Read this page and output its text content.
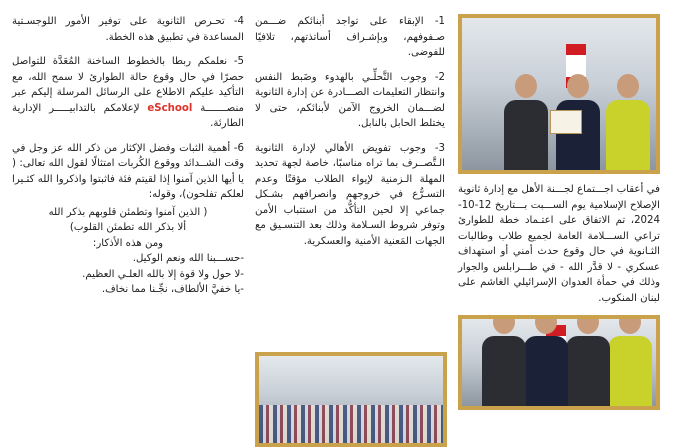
في أعقاب اجـــتماع لجـــنة الأهل مع إدارة ثانوية الإصلاح الإسلامية يوم الســـبت بـــتاريخ 12-10-2024، تم الاتفاق على اعتـماد خطة للطوارئ تراعي الســـلامة العامة لجميع طلاب وطالبات الثـانوية في حال وقوع حدث أمني أو استهداف عسكري - لا قدَّر الله - في طـــرابلس والجوار وذلك في حمأة العدوان الإسرائيلي الغاشم على لبنان المنكوب.

1- الإبقاء على تواجد أبنائكم ضـــمن صـفوفهم، وبإشـراف أساتذتهم، تلافيًا للفوضى.

2- وجوب التَّحلِّـي بالهدوء وضَبط النفس وانتظار التعليمات الصـــادرة عن إدارة الثانوية لضـــمان الخروج الآمن لأبنائكم، حتى لا يختلط الحابل بالنابل.

3- وجوب تفويض الأهالي لإدارة الثانوية الـتَّصــرف بما تراه مناسبًا، خاصة لجهة تحديد المهلة الـزمنية لإيواء الطلاب مؤقتًا وعدم التسـرُّع في خروجهم وانصرافهم بشـكل جماعي إلا لحين التأكُّد من استتباب الأمن وتوفر شروط السـلامة وذلك بعد التنسـيق مع الجهات المَعنية الأمنية والعسكرية.

4- تحـرص الثانوية على توفير الأمور اللوجسـتية المساعدة في تطبيق هذه الخطة.

5- نعلمكم ربطا بالخطوط الساخنة المُعَدَّة للتواصل حصرًا في حال وقوع حالة الطوارئ لا سمح الله، مع التأكيد عليكم الاطلاع على الرسائل المرسلة إليكم عبر منصـــــــة eSchool لإعلامكم بالتدابيـــــر الإدارية الطارئة.

6- أهمية الثبات وفضل الإكثار من ذكر الله عز وجل في وقت الشــدائد ووقوع الكُربات امتثالًا لقول الله تعالى: ( يا أيها الذين آمنوا إذا لقيتم فئة فاثبتوا واذكروا الله كثـيرا لعلكم تفلحون)، وقوله:

( الذين آمنوا وتطمئن قلوبهم بذكر الله

ألا بذكر الله تطمئن القلوب)

ومن هذه الأذكار:

-حســـبنا الله ونعم الوكيل.

-لا حول ولا قوة إلا بالله العلـي العظيم.

-يا خفيَّ الألطاف، نجِّـنا مما نخاف.
